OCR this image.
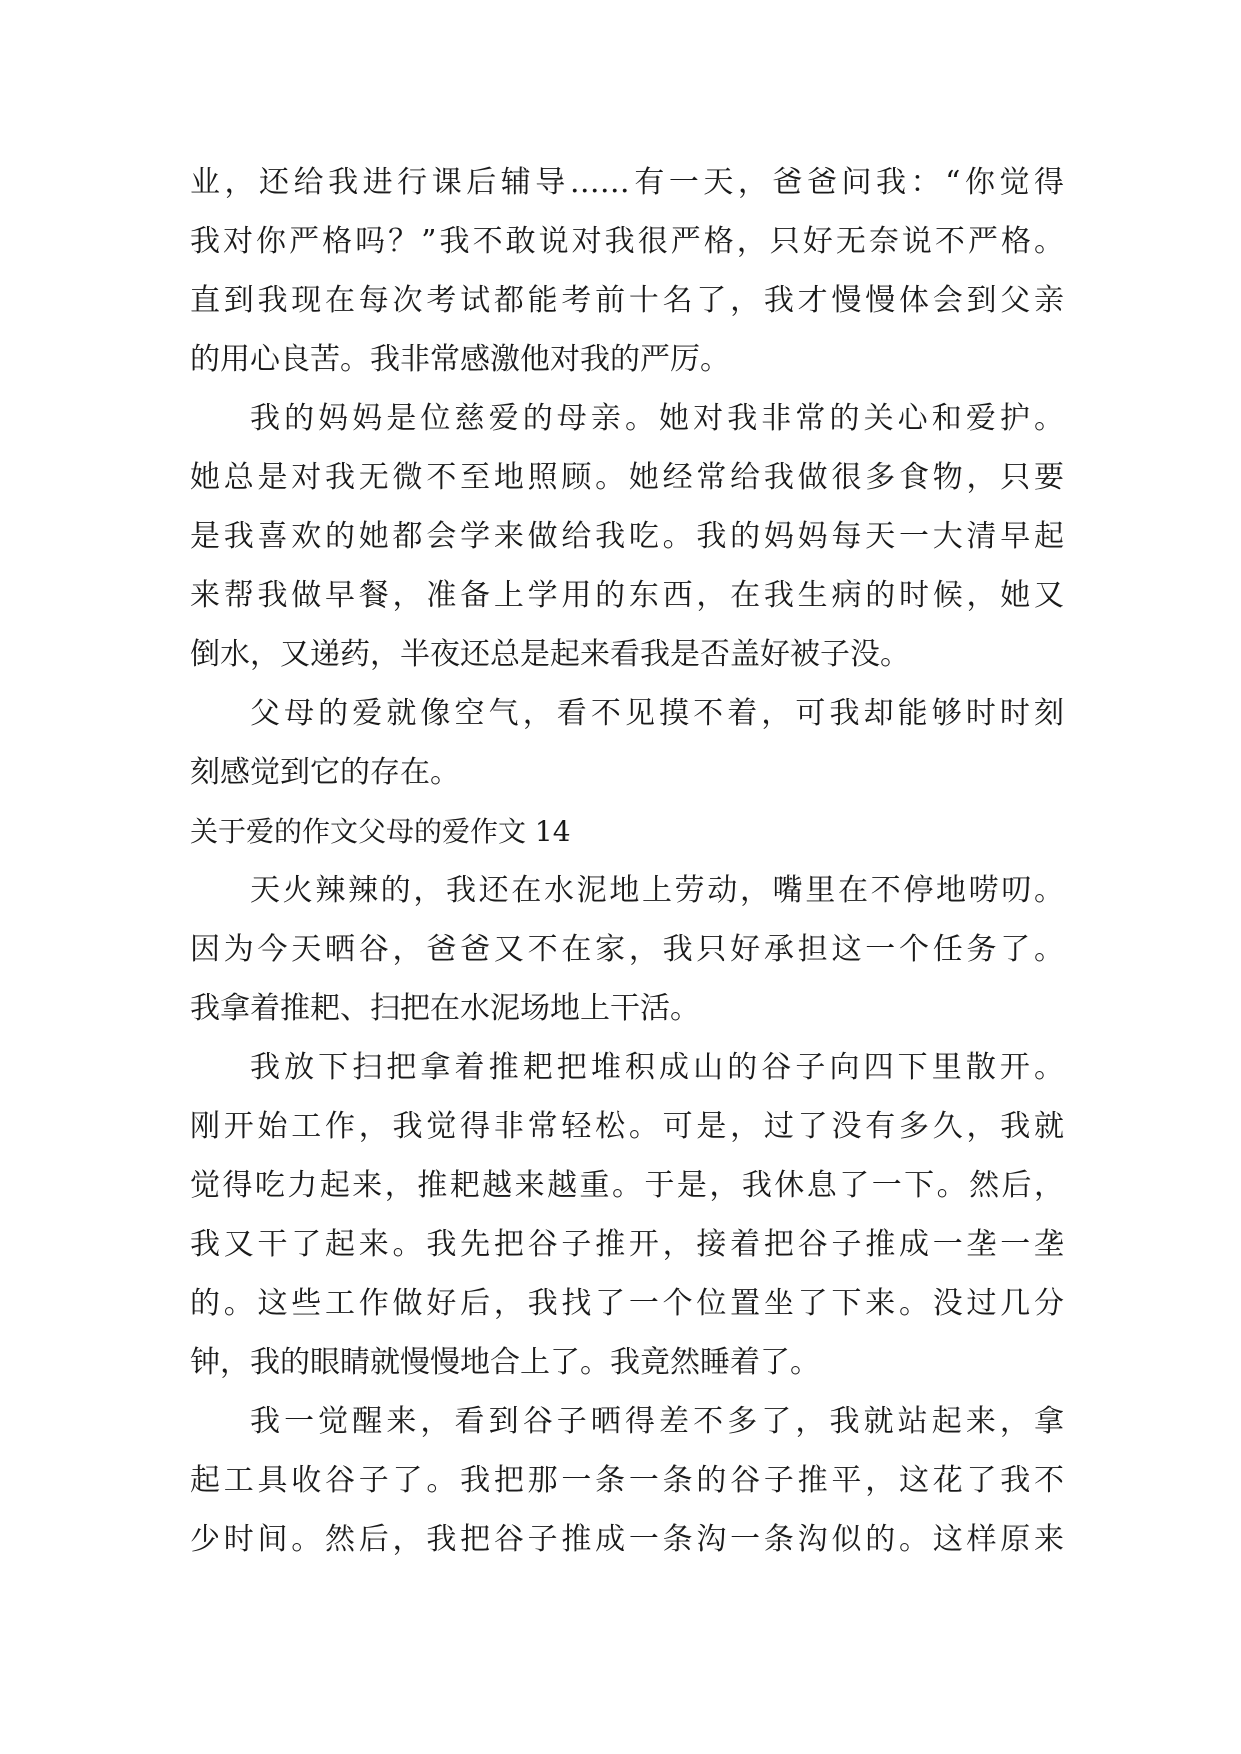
业，还给我进行课后辅导……有一天，爸爸问我：“你觉得
我对你严格吗？”我不敢说对我很严格，只好无奈说不严格。
直到我现在每次考试都能考前十名了，我才慢慢体会到父亲
的用心良苦。我非常感激他对我的严厉。
我的妈妈是位慈爱的母亲。她对我非常的关心和爱护。
她总是对我无微不至地照顾。她经常给我做很多食物，只要
是我喜欢的她都会学来做给我吃。我的妈妈每天一大清早起
来帮我做早餐，准备上学用的东西，在我生病的时候，她又
倒水，又递药，半夜还总是起来看我是否盖好被子没。
父母的爱就像空气，看不见摸不着，可我却能够时时刻
刻感觉到它的存在。
关于爱的作文父母的爱作文 14
天火辣辣的，我还在水泥地上劳动，嘴里在不停地唠叨。
因为今天晒谷，爸爸又不在家，我只好承担这一个任务了。
我拿着推耙、扫把在水泥场地上干活。
我放下扫把拿着推耙把堆积成山的谷子向四下里散开。
刚开始工作，我觉得非常轻松。可是，过了没有多久，我就
觉得吃力起来，推耙越来越重。于是，我休息了一下。然后，
我又干了起来。我先把谷子推开，接着把谷子推成一垄一垄
的。这些工作做好后，我找了一个位置坐了下来。没过几分
钟，我的眼睛就慢慢地合上了。我竟然睡着了。
我一觉醒来，看到谷子晒得差不多了，我就站起来，拿
起工具收谷子了。我把那一条一条的谷子推平，这花了我不
少时间。然后，我把谷子推成一条沟一条沟似的。这样原来
